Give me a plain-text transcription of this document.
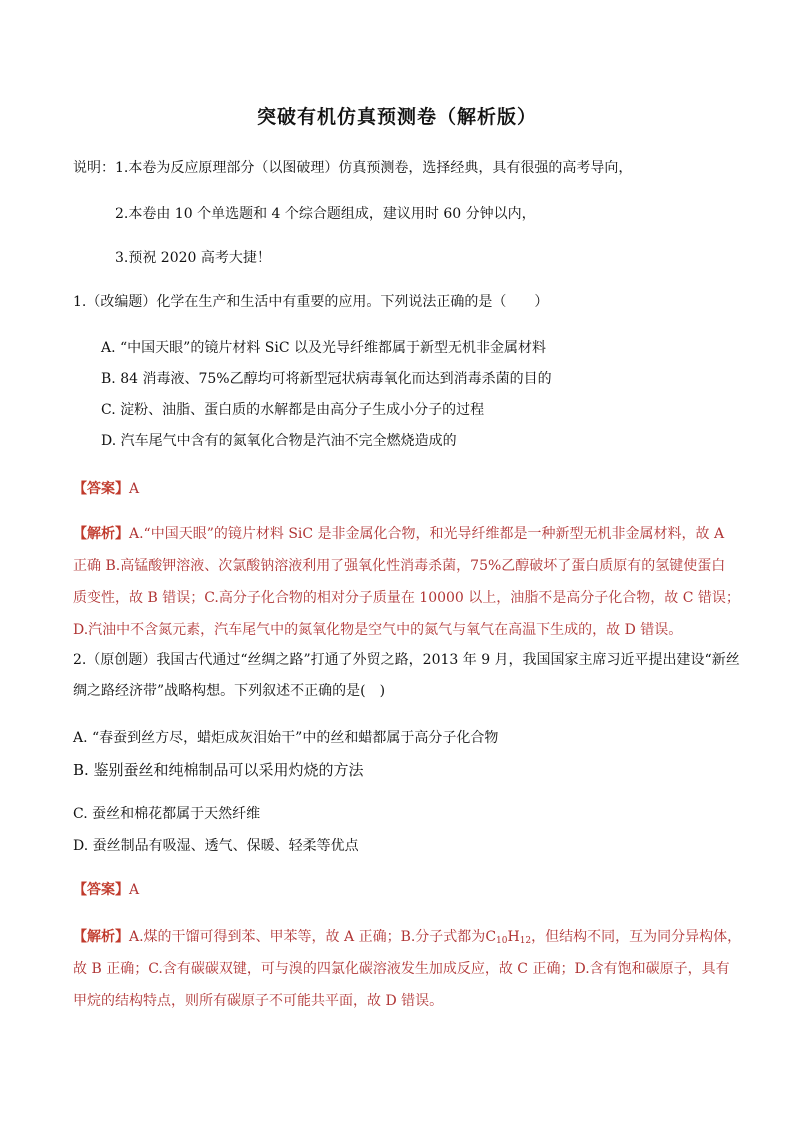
突破有机仿真预测卷（解析版）
说明：1.本卷为反应原理部分（以图破理）仿真预测卷，选择经典，具有很强的高考导向，
2.本卷由 10 个单选题和 4 个综合题组成，建议用时 60 分钟以内，
3.预祝 2020 高考大捷！
1.（改编题）化学在生产和生活中有重要的应用。下列说法正确的是（　　）
A. “中国天眼”的镜片材料 SiC 以及光导纤维都属于新型无机非金属材料
B. 84 消毒液、75%乙醇均可将新型冠状病毒氧化而达到消毒杀菌的目的
C. 淀粉、油脂、蛋白质的水解都是由高分子生成小分子的过程
D. 汽车尾气中含有的氮氧化合物是汽油不完全燃烧造成的
【答案】A
【解析】A.“中国天眼”的镜片材料 SiC 是非金属化合物，和光导纤维都是一种新型无机非金属材料，故 A
正确 B.高锰酸钾溶液、次氯酸钠溶液利用了强氧化性消毒杀菌，75%乙醇破坏了蛋白质原有的氢键使蛋白
质变性，故 B 错误；C.高分子化合物的相对分子质量在 10000 以上，油脂不是高分子化合物，故 C 错误；
D.汽油中不含氮元素，汽车尾气中的氮氧化物是空气中的氮气与氧气在高温下生成的，故 D 错误。
2.（原创题）我国古代通过“丝绸之路”打通了外贸之路，2013 年 9 月，我国国家主席习近平提出建设“新丝
绸之路经济带”战略构想。下列叙述不正确的是(　)
A. “春蚕到丝方尽，蜡炬成灰泪始干”中的丝和蜡都属于高分子化合物
B. 鉴别蚕丝和纯棉制品可以采用灼烧的方法
C. 蚕丝和棉花都属于天然纤维
D. 蚕丝制品有吸湿、透气、保暖、轻柔等优点
【答案】A
【解析】A.煤的干馏可得到苯、甲苯等，故 A 正确；B.分子式都为$C_{10}H_{12}$，但结构不同，互为同分异构体，
故 B 正确；C.含有碳碳双键，可与溴的四氯化碳溶液发生加成反应，故 C 正确；D.含有饱和碳原子，具有
甲烷的结构特点，则所有碳原子不可能共平面，故 D 错误。
